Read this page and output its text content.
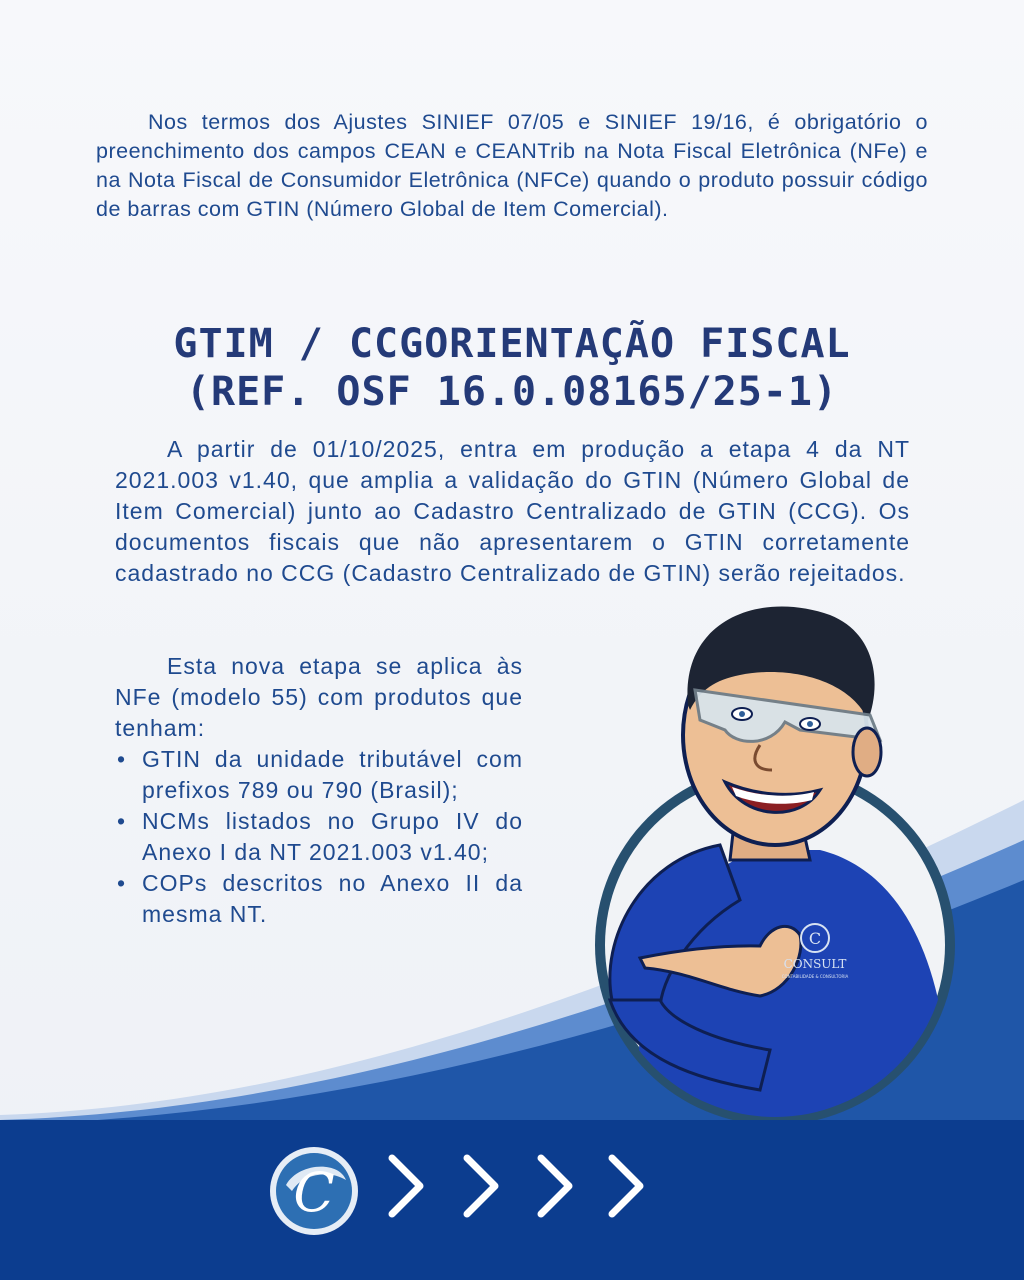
Nos termos dos Ajustes SINIEF 07/05 e SINIEF 19/16, é obrigatório o preenchimento dos campos CEAN e CEANTrib na Nota Fiscal Eletrônica (NFe) e na Nota Fiscal de Consumidor Eletrônica (NFCe) quando o produto possuir código de barras com GTIN (Número Global de Item Comercial).

GTIM / CCGORIENTAÇÃO FISCAL
(REF. OSF 16.0.08165/25-1)

A partir de 01/10/2025, entra em produção a etapa 4 da NT 2021.003 v1.40, que amplia a validação do GTIN (Número Global de Item Comercial) junto ao Cadastro Centralizado de GTIN (CCG). Os documentos fiscais que não apresentarem o GTIN corretamente cadastrado no CCG (Cadastro Centralizado de GTIN) serão rejeitados.

Esta nova etapa se aplica às NFe (modelo 55) com produtos que tenham:
• GTIN da unidade tributável com prefixos 789 ou 790 (Brasil);
• NCMs listados no Grupo IV do Anexo I da NT 2021.003 v1.40;
• COPs descritos no Anexo II da mesma NT.
C
CONSULT
CONTABILIDADE & CONSULTORIA
C
